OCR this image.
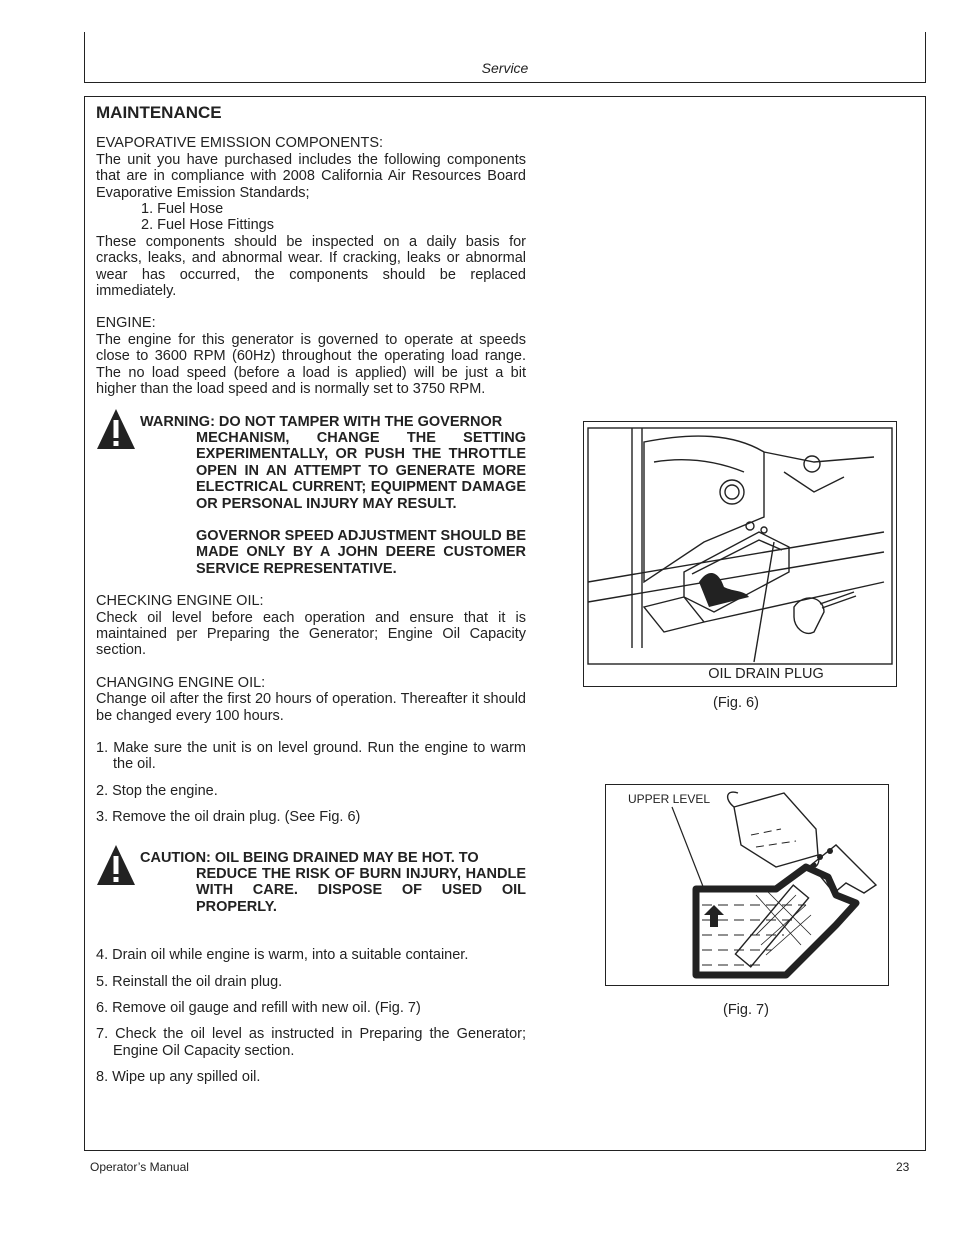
Service
MAINTENANCE

EVAPORATIVE EMISSION COMPONENTS:

The unit you have purchased includes the following components that are in compliance with 2008 California Air Resources Board Evaporative Emission Standards;

1. Fuel Hose

2. Fuel Hose Fittings

These components should be inspected on a daily basis for cracks, leaks, and abnormal wear. If cracking, leaks or abnormal wear has occurred, the components should be replaced immediately.

ENGINE:

The engine for this generator is governed to operate at speeds close to 3600 RPM (60Hz) throughout the operating load range. The no load speed (before a load is applied) will be just a bit higher than the load speed and is normally set to 3750 RPM.

WARNING: DO NOT TAMPER WITH THE GOVERNOR
MECHANISM, CHANGE THE SETTING EXPERIMENTALLY, OR PUSH THE THROTTLE OPEN IN AN ATTEMPT TO GENERATE MORE ELECTRICAL CURRENT; EQUIPMENT DAMAGE OR PERSONAL INJURY MAY RESULT.
GOVERNOR SPEED ADJUSTMENT SHOULD BE MADE ONLY BY A JOHN DEERE CUSTOMER SERVICE REPRESENTATIVE.

CHECKING ENGINE OIL:

Check oil level before each operation and ensure that it is maintained per Preparing the Generator; Engine Oil Capacity section.

CHANGING ENGINE OIL:

Change oil after the first 20 hours of operation. Thereafter it should be changed every 100 hours.

1. Make sure the unit is on level ground. Run the engine to warm the oil.

2. Stop the engine.

3. Remove the oil drain plug. (See Fig. 6)

CAUTION: OIL BEING DRAINED MAY BE HOT. TO
REDUCE THE RISK OF BURN INJURY, HANDLE WITH CARE. DISPOSE OF USED OIL PROPERLY.

4. Drain oil while engine is warm, into a suitable container.

5. Reinstall the oil drain plug.

6. Remove oil gauge and refill with new oil. (Fig. 7)

7. Check the oil level as instructed in Preparing the Generator; Engine Oil Capacity section.

8. Wipe up any spilled oil.

OIL DRAIN PLUG
(Fig. 6)
UPPER LEVEL
(Fig. 7)
Operator’s Manual	23
